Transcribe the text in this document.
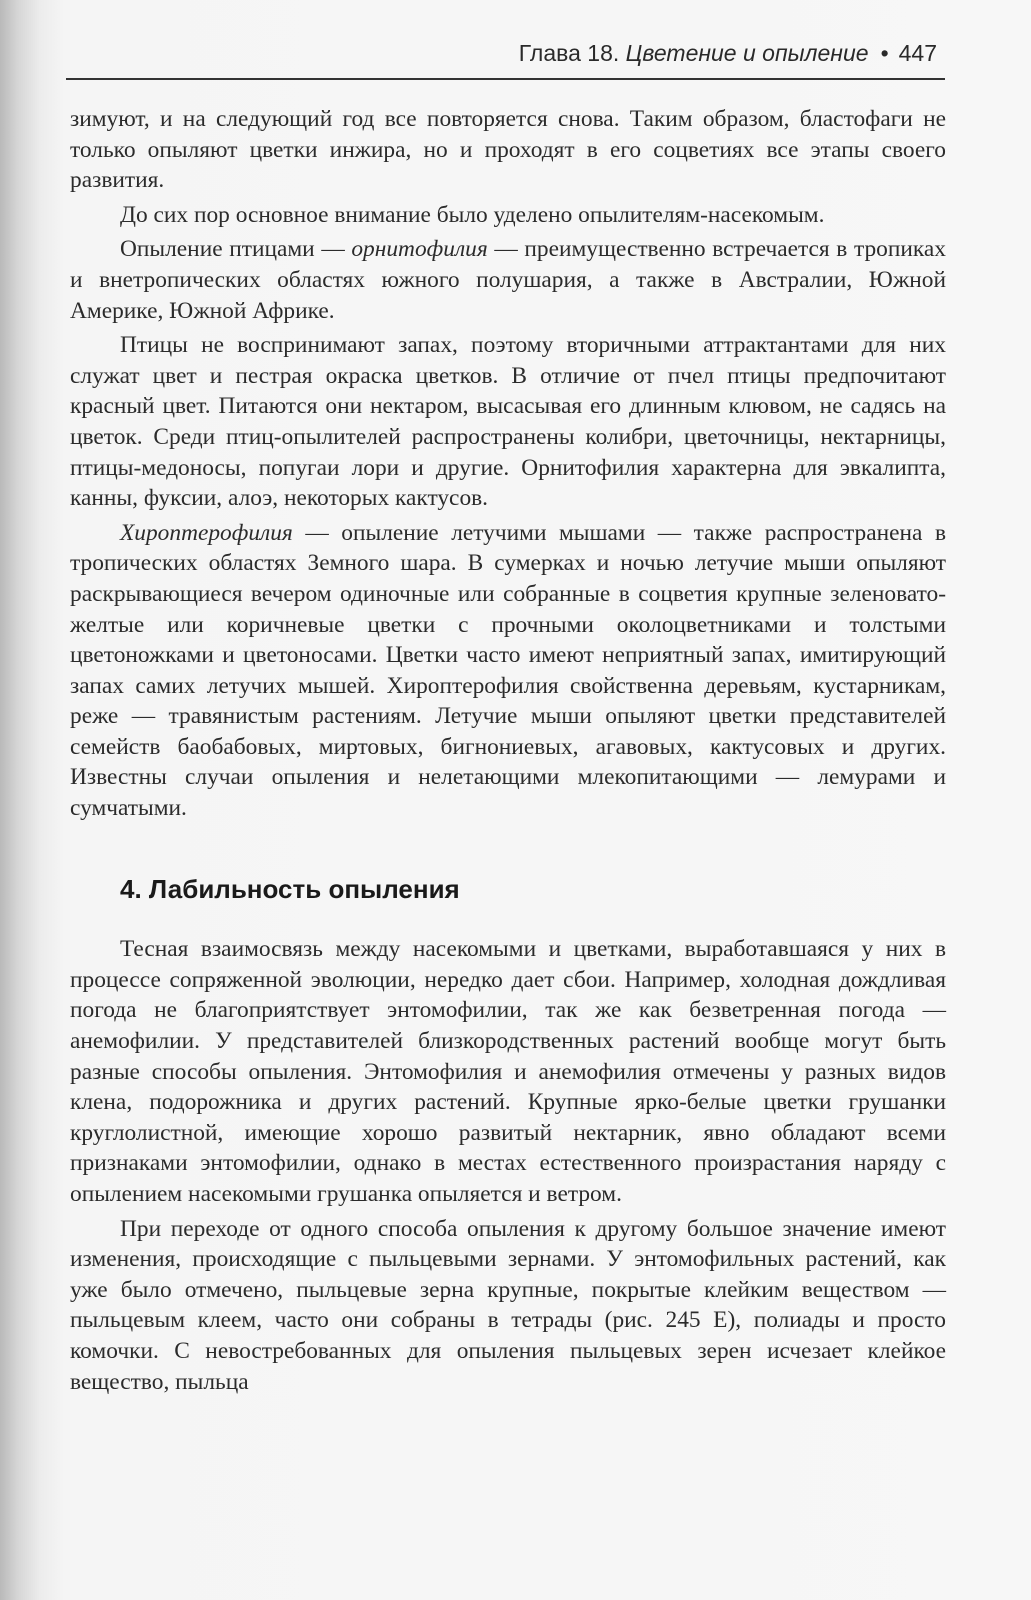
Глава 18. Цветение и опыление • 447

зимуют, и на следующий год все повторяется снова. Таким образом, бластофаги не только опыляют цветки инжира, но и проходят в его соцветиях все этапы своего развития.

До сих пор основное внимание было уделено опылителям-насекомым.

Опыление птицами — орнитофилия — преимущественно встречается в тропиках и внетропических областях южного полушария, а также в Австралии, Южной Америке, Южной Африке.

Птицы не воспринимают запах, поэтому вторичными аттрактантами для них служат цвет и пестрая окраска цветков. В отличие от пчел птицы предпочитают красный цвет. Питаются они нектаром, высасывая его длинным клювом, не садясь на цветок. Среди птиц-опылителей распространены колибри, цветочницы, нектарницы, птицы-медоносы, попугаи лори и другие. Орнитофилия характерна для эвкалипта, канны, фуксии, алоэ, некоторых кактусов.

Хироптерофилия — опыление летучими мышами — также распространена в тропических областях Земного шара. В сумерках и ночью летучие мыши опыляют раскрывающиеся вечером одиночные или собранные в соцветия крупные зеленовато-желтые или коричневые цветки с прочными околоцветниками и толстыми цветоножками и цветоносами. Цветки часто имеют неприятный запах, имитирующий запах самих летучих мышей. Хироптерофилия свойственна деревьям, кустарникам, реже — травянистым растениям. Летучие мыши опыляют цветки представителей семейств баобабовых, миртовых, бигнониевых, агавовых, кактусовых и других. Известны случаи опыления и нелетающими млекопитающими — лемурами и сумчатыми.

4. Лабильность опыления

Тесная взаимосвязь между насекомыми и цветками, выработавшаяся у них в процессе сопряженной эволюции, нередко дает сбои. Например, холодная дождливая погода не благоприятствует энтомофилии, так же как безветренная погода — анемофилии. У представителей близкородственных растений вообще могут быть разные способы опыления. Энтомофилия и анемофилия отмечены у разных видов клена, подорожника и других растений. Крупные ярко-белые цветки грушанки круглолистной, имеющие хорошо развитый нектарник, явно обладают всеми признаками энтомофилии, однако в местах естественного произрастания наряду с опылением насекомыми грушанка опыляется и ветром.

При переходе от одного способа опыления к другому большое значение имеют изменения, происходящие с пыльцевыми зернами. У энтомофильных растений, как уже было отмечено, пыльцевые зерна крупные, покрытые клейким веществом — пыльцевым клеем, часто они собраны в тетрады (рис. 245 Е), полиады и просто комочки. С невостребованных для опыления пыльцевых зерен исчезает клейкое вещество, пыльца
